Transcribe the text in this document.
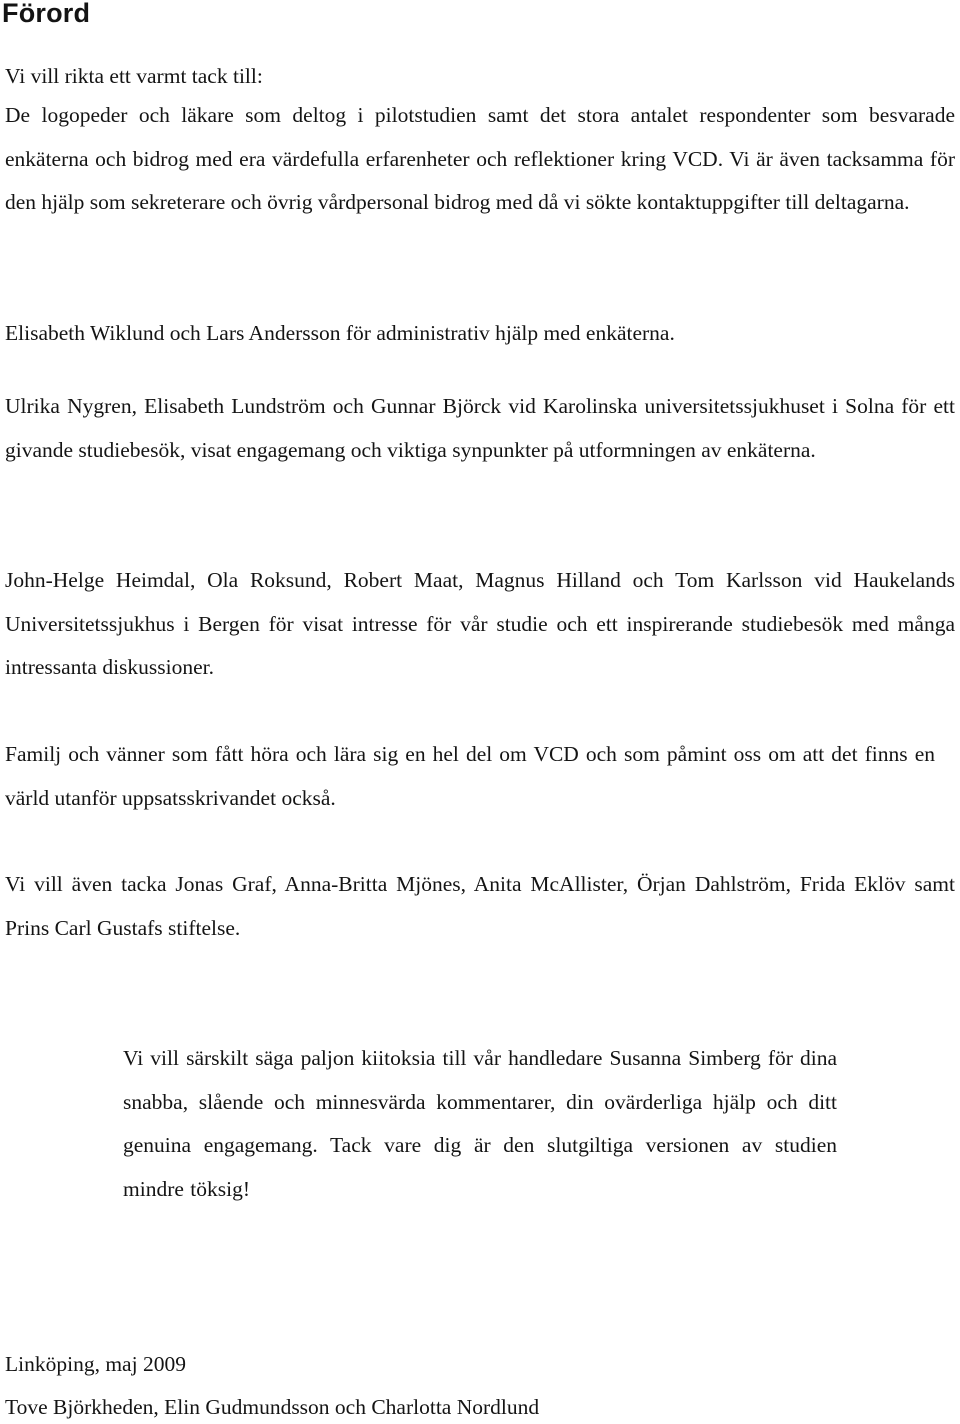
Förord

Vi vill rikta ett varmt tack till:

De logopeder och läkare som deltog i pilotstudien samt det stora antalet respondenter som besvarade enkäterna och bidrog med era värdefulla erfarenheter och reflektioner kring VCD. Vi är även tacksamma för den hjälp som sekreterare och övrig vårdpersonal bidrog med då vi sökte kontaktuppgifter till deltagarna.

Elisabeth Wiklund och Lars Andersson för administrativ hjälp med enkäterna.

Ulrika Nygren, Elisabeth Lundström och Gunnar Björck vid Karolinska universitetssjukhuset i Solna för ett givande studiebesök, visat engagemang och viktiga synpunkter på utformningen av enkäterna.

John-Helge Heimdal, Ola Roksund, Robert Maat, Magnus Hilland och Tom Karlsson vid Haukelands Universitetssjukhus i Bergen för visat intresse för vår studie och ett inspirerande studiebesök med många intressanta diskussioner.

Familj och vänner som fått höra och lära sig en hel del om VCD och som påmint oss om att det finns en värld utanför uppsatsskrivandet också.

Vi vill även tacka Jonas Graf, Anna-Britta Mjönes, Anita McAllister, Örjan Dahlström, Frida Eklöv samt Prins Carl Gustafs stiftelse.

Vi vill särskilt säga paljon kiitoksia till vår handledare Susanna Simberg för dina snabba, slående och minnesvärda kommentarer, din ovärderliga hjälp och ditt genuina engagemang. Tack vare dig är den slutgiltiga versionen av studien mindre töksig!

Linköping, maj 2009

Tove Björkheden, Elin Gudmundsson och Charlotta Nordlund
